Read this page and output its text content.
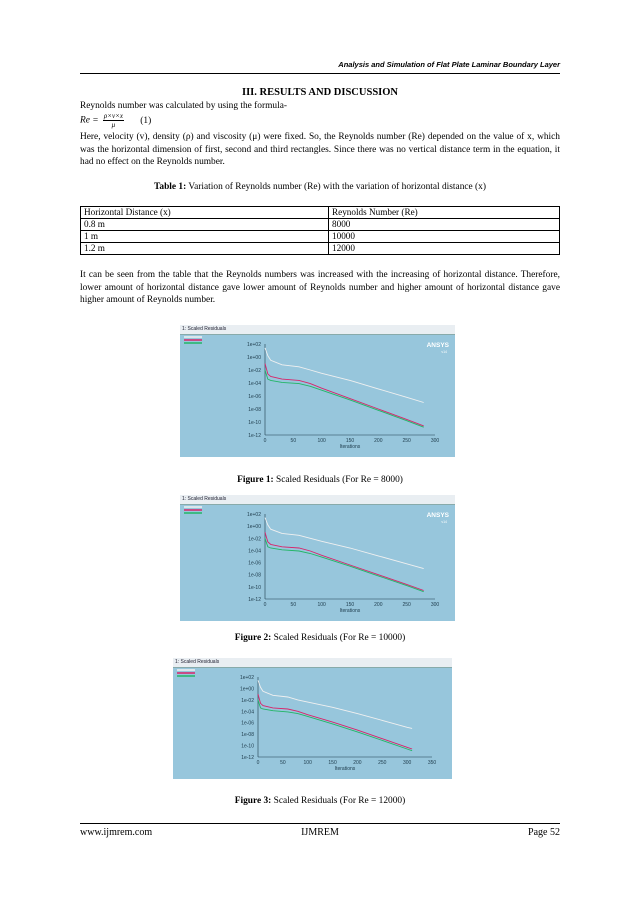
Analysis and Simulation of Flat Plate Laminar Boundary Layer
III. RESULTS AND DISCUSSION

Reynolds number was calculated by using the formula-

$Re = \frac{\rho\times v\times x}{\mu} (1)$

Here, velocity (v), density (ρ) and viscosity (μ) were fixed. So, the Reynolds number (Re) depended on the value of x, which was the horizontal dimension of first, second and third rectangles. Since there was no vertical distance term in the equation, it had no effect on the Reynolds number.

Table 1: Variation of Reynolds number (Re) with the variation of horizontal distance (x)
Horizontal Distance (x)	Reynolds Number (Re)
0.8 m	8000
1 m	10000
1.2 m	12000

It can be seen from the table that the Reynolds numbers was increased with the increasing of horizontal distance. Therefore, lower amount of horizontal distance gave lower amount of Reynolds number and higher amount of horizontal distance gave higher amount of Reynolds number.

1: Scaled Residuals
1e+02
1e+00
1e-02
1e-04
1e-06
1e-08
1e-10
1e-12
0	50	100	150	200	250	300
Iterations
ANSYS
v14
Figure 1: Scaled Residuals (For Re = 8000)
1: Scaled Residuals
1e+02
1e+00
1e-02
1e-04
1e-06
1e-08
1e-10
1e-12
0	50	100	150	200	250	300
Iterations
ANSYS
v14
Figure 2: Scaled Residuals (For Re = 10000)
1: Scaled Residuals
1e+02
1e+00
1e-02
1e-04
1e-06
1e-08
1e-10
1e-12
0	50	100	150	200	250	300	350
Iterations
Figure 3: Scaled Residuals (For Re = 12000)
www.ijmrem.com	IJMREM	Page 52
